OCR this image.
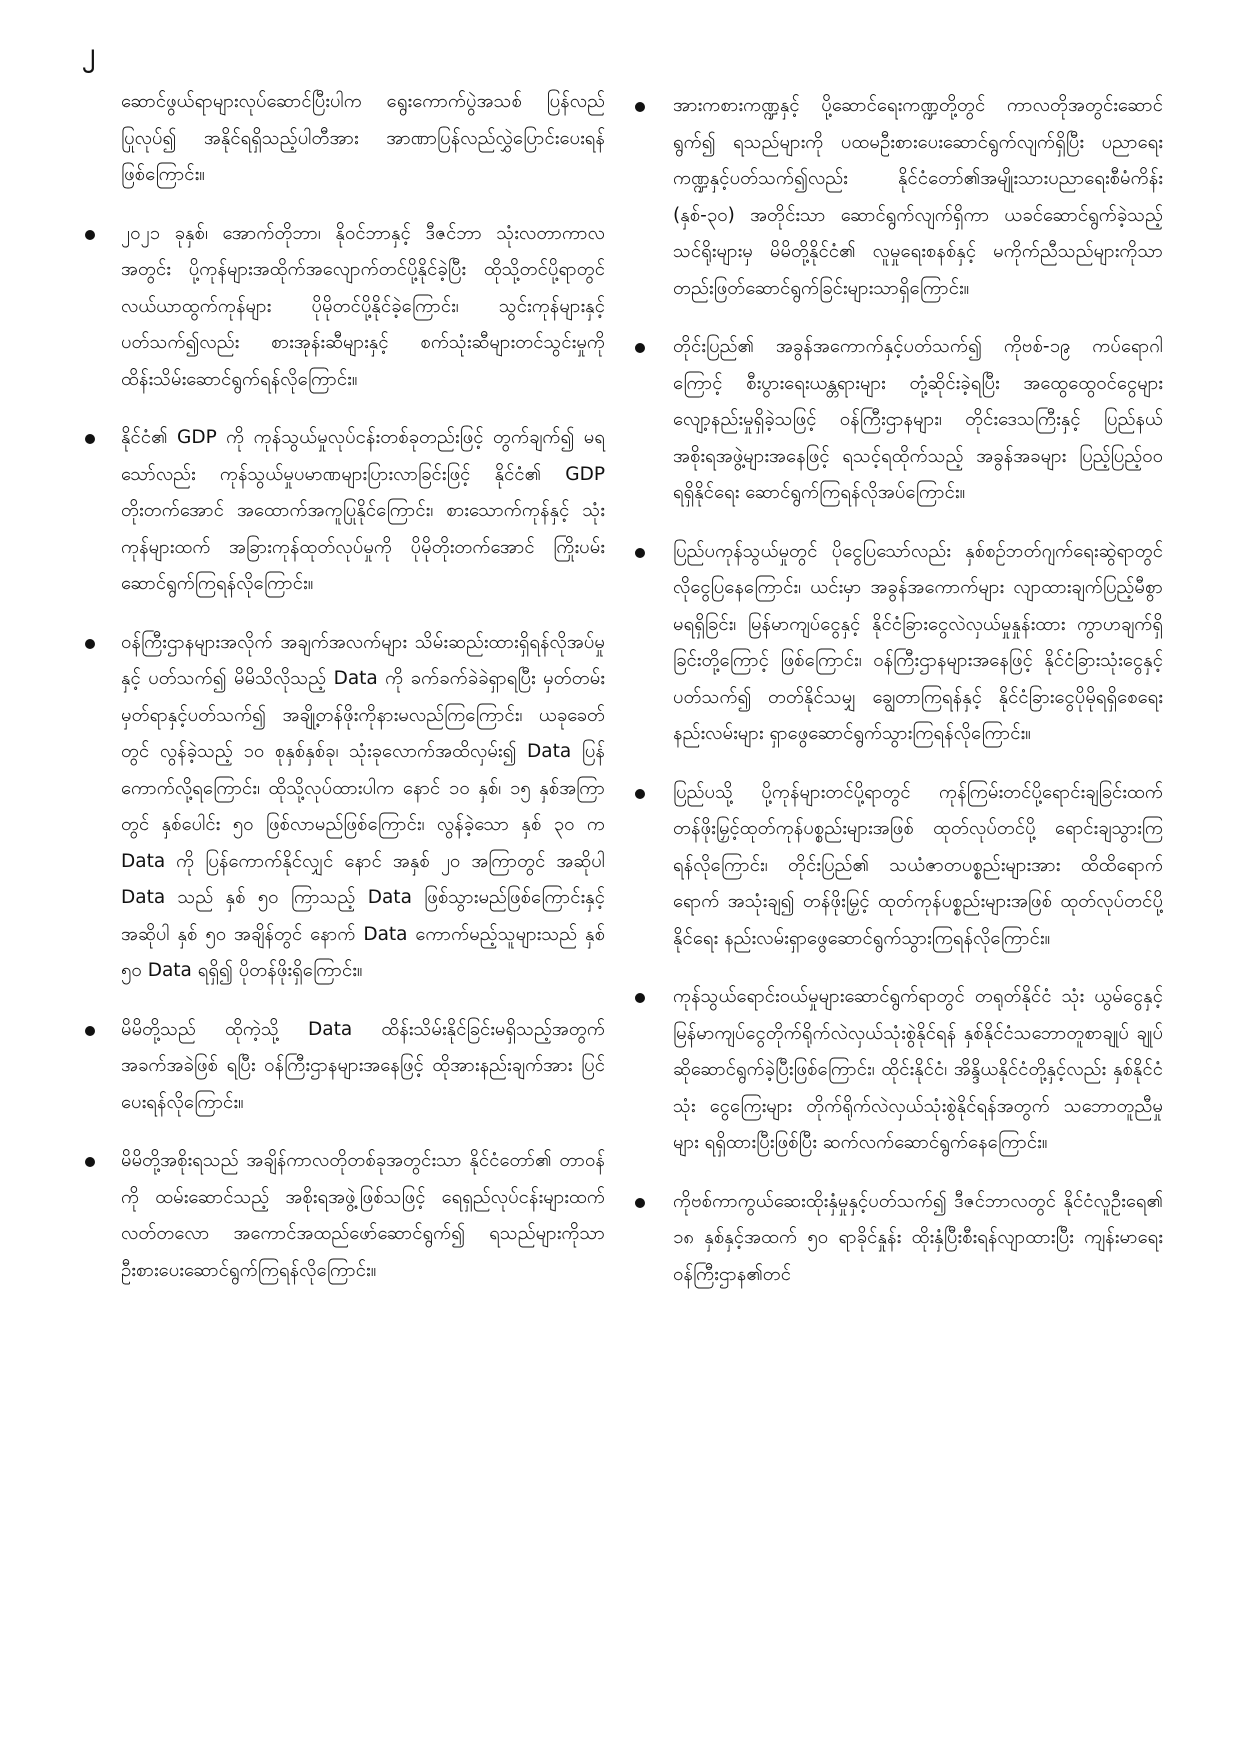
၂

ဆောင်ဖွယ်ရာများလုပ်ဆောင်ပြီးပါက ရွေးကောက်ပွဲအသစ် ပြန်လည်ပြုလုပ်၍ အနိုင်ရရှိသည့်ပါတီအား အာဏာပြန်လည်လွှဲပြောင်းပေးရန် ဖြစ်ကြောင်း။

၂၀၂၁ ခုနှစ်၊ အောက်တိုဘာ၊ နိုဝင်ဘာနှင့် ဒီဇင်ဘာ သုံးလတာကာလအတွင်း ပို့ကုန်များအထိုက်အလျောက်တင်ပို့နိုင်ခဲ့ပြီး ထိုသို့တင်ပို့ရာတွင် လယ်ယာထွက်ကုန်များ ပိုမိုတင်ပို့နိုင်ခဲ့ကြောင်း၊ သွင်းကုန်များနှင့်ပတ်သက်၍လည်း စားအုန်းဆီများနှင့် စက်သုံးဆီများတင်သွင်းမှုကို ထိန်းသိမ်းဆောင်ရွက်ရန်လိုကြောင်း။

နိုင်ငံ၏ GDP ကို ကုန်သွယ်မှုလုပ်ငန်းတစ်ခုတည်းဖြင့် တွက်ချက်၍ မရသော်လည်း ကုန်သွယ်မှုပမာဏများပြားလာခြင်းဖြင့် နိုင်ငံ၏ GDP တိုးတက်အောင် အထောက်အကူပြုနိုင်ကြောင်း၊ စားသောက်ကုန်နှင့် သုံးကုန်များထက် အခြားကုန်ထုတ်လုပ်မှုကို ပိုမိုတိုးတက်အောင် ကြိုးပမ်းဆောင်ရွက်ကြရန်လိုကြောင်း။

ဝန်ကြီးဌာနများအလိုက် အချက်အလက်များ သိမ်းဆည်းထားရှိရန်လိုအပ်မှုနှင့် ပတ်သက်၍ မိမိသိလိုသည့် Data ကို ခက်ခက်ခဲခဲရှာရပြီး မှတ်တမ်းမှတ်ရာနှင့်ပတ်သက်၍ အချို့တန်ဖိုးကိုနားမလည်ကြကြောင်း၊ ယခုခေတ်တွင် လွန်ခဲ့သည့် ၁၀ စုနှစ်နှစ်ခု၊ သုံးခုလောက်အထိလှမ်း၍ Data ပြန်ကောက်လို့ရကြောင်း၊ ထိုသို့လုပ်ထားပါက နောင် ၁၀ နှစ်၊ ၁၅ နှစ်အကြာတွင် နှစ်ပေါင်း ၅၀ ဖြစ်လာမည်ဖြစ်ကြောင်း၊ လွန်ခဲ့သော နှစ် ၃၀ က Data ကို ပြန်ကောက်နိုင်လျှင် နောင် အနှစ် ၂၀ အကြာတွင် အဆိုပါ Data သည် နှစ် ၅၀ ကြာသည့် Data ဖြစ်သွားမည်ဖြစ်ကြောင်းနှင့် အဆိုပါ နှစ် ၅၀ အချိန်တွင် နောက် Data ကောက်မည့်သူများသည် နှစ် ၅၀ Data ရရှိ၍ ပိုတန်ဖိုးရှိကြောင်း။

မိမိတို့သည် ထိုကဲ့သို့ Data ထိန်းသိမ်းနိုင်ခြင်းမရှိသည့်အတွက် အခက်အခဲဖြစ် ရပြီး ဝန်ကြီးဌာနများအနေဖြင့် ထိုအားနည်းချက်အား ပြင်ပေးရန်လိုကြောင်း။

မိမိတို့အစိုးရသည် အချိန်ကာလတိုတစ်ခုအတွင်းသာ နိုင်ငံတော်၏ တာဝန်ကို ထမ်းဆောင်သည့် အစိုးရအဖွဲ့ဖြစ်သဖြင့် ရေရှည်လုပ်ငန်းများထက် လတ်တလော အကောင်အထည်ဖော်ဆောင်ရွက်၍ ရသည်များကိုသာ ဦးစားပေးဆောင်ရွက်ကြရန်လိုကြောင်း။

အားကစားကဏ္ဍနှင့် ပို့ဆောင်ရေးကဏ္ဍတို့တွင် ကာလတိုအတွင်းဆောင်ရွက်၍ ရသည်များကို ပထမဦးစားပေးဆောင်ရွက်လျက်ရှိပြီး ပညာရေးကဏ္ဍနှင့်ပတ်သက်၍လည်း နိုင်ငံတော်၏အမျိုးသားပညာရေးစီမံကိန်း (နှစ်-၃၀) အတိုင်းသာ ဆောင်ရွက်လျက်ရှိကာ ယခင်ဆောင်ရွက်ခဲ့သည့်သင်ရိုးများမှ မိမိတို့နိုင်ငံ၏ လူမှုရေးစနစ်နှင့် မကိုက်ညီသည်များကိုသာ တည်းဖြတ်ဆောင်ရွက်ခြင်းများသာရှိကြောင်း။

တိုင်းပြည်၏ အခွန်အကောက်နှင့်ပတ်သက်၍ ကိုဗစ်-၁၉ ကပ်ရောဂါကြောင့် စီးပွားရေးယန္တရားများ တုံ့ဆိုင်းခဲ့ရပြီး အထွေထွေဝင်ငွေများ လျော့နည်းမှုရှိခဲ့သဖြင့် ဝန်ကြီးဌာနများ၊ တိုင်းဒေသကြီးနှင့် ပြည်နယ်အစိုးရအဖွဲ့များအနေဖြင့် ရသင့်ရထိုက်သည့် အခွန်အခများ ပြည့်ပြည့်ဝဝရရှိနိုင်ရေး ဆောင်ရွက်ကြရန်လိုအပ်ကြောင်း။

ပြည်ပကုန်သွယ်မှုတွင် ပိုငွေပြသော်လည်း နှစ်စဉ်ဘတ်ဂျက်ရေးဆွဲရာတွင် လိုငွေပြနေကြောင်း၊ ယင်းမှာ အခွန်အကောက်များ လျာထားချက်ပြည့်မီစွာမရရှိခြင်း၊ မြန်မာကျပ်ငွေနှင့် နိုင်ငံခြားငွေလဲလှယ်မှုနှုန်းထား ကွာဟချက်ရှိခြင်းတို့ကြောင့် ဖြစ်ကြောင်း၊ ဝန်ကြီးဌာနများအနေဖြင့် နိုင်ငံခြားသုံးငွေနှင့်ပတ်သက်၍ တတ်နိုင်သမျှ ချွေတာကြရန်နှင့် နိုင်ငံခြားငွေပိုမိုရရှိစေရေး နည်းလမ်းများ ရှာဖွေဆောင်ရွက်သွားကြရန်လိုကြောင်း။

ပြည်ပသို့ ပို့ကုန်များတင်ပို့ရာတွင် ကုန်ကြမ်းတင်ပို့ရောင်းချခြင်းထက် တန်ဖိုးမြှင့်ထုတ်ကုန်ပစ္စည်းများအဖြစ် ထုတ်လုပ်တင်ပို့ ရောင်းချသွားကြရန်လိုကြောင်း၊ တိုင်းပြည်၏ သယံဇာတပစ္စည်းများအား ထိထိရောက်ရောက် အသုံးချ၍ တန်ဖိုးမြှင့် ထုတ်ကုန်ပစ္စည်းများအဖြစ် ထုတ်လုပ်တင်ပို့နိုင်ရေး နည်းလမ်းရှာဖွေဆောင်ရွက်သွားကြရန်လိုကြောင်း။

ကုန်သွယ်ရောင်းဝယ်မှုများဆောင်ရွက်ရာတွင် တရုတ်နိုင်ငံ သုံး ယွမ်ငွေနှင့် မြန်မာကျပ်ငွေတိုက်ရိုက်လဲလှယ်သုံးစွဲနိုင်ရန် နှစ်နိုင်ငံသဘောတူစာချုပ် ချုပ်ဆိုဆောင်ရွက်ခဲ့ပြီးဖြစ်ကြောင်း၊ ထိုင်းနိုင်ငံ၊ အိန္ဒိယနိုင်ငံတို့နှင့်လည်း နှစ်နိုင်ငံ သုံး ငွေကြေးများ တိုက်ရိုက်လဲလှယ်သုံးစွဲနိုင်ရန်အတွက် သဘောတူညီမှုများ ရရှိထားပြီးဖြစ်ပြီး ဆက်လက်ဆောင်ရွက်နေကြောင်း။

ကိုဗစ်ကာကွယ်ဆေးထိုးနှံမှုနှင့်ပတ်သက်၍ ဒီဇင်ဘာလတွင် နိုင်ငံလူဦးရေ၏ ၁၈ နှစ်နှင့်အထက် ၅၀ ရာခိုင်နှုန်း ထိုးနှံပြီးစီးရန်လျာထားပြီး ကျန်းမာရေးဝန်ကြီးဌာန၏တင်
